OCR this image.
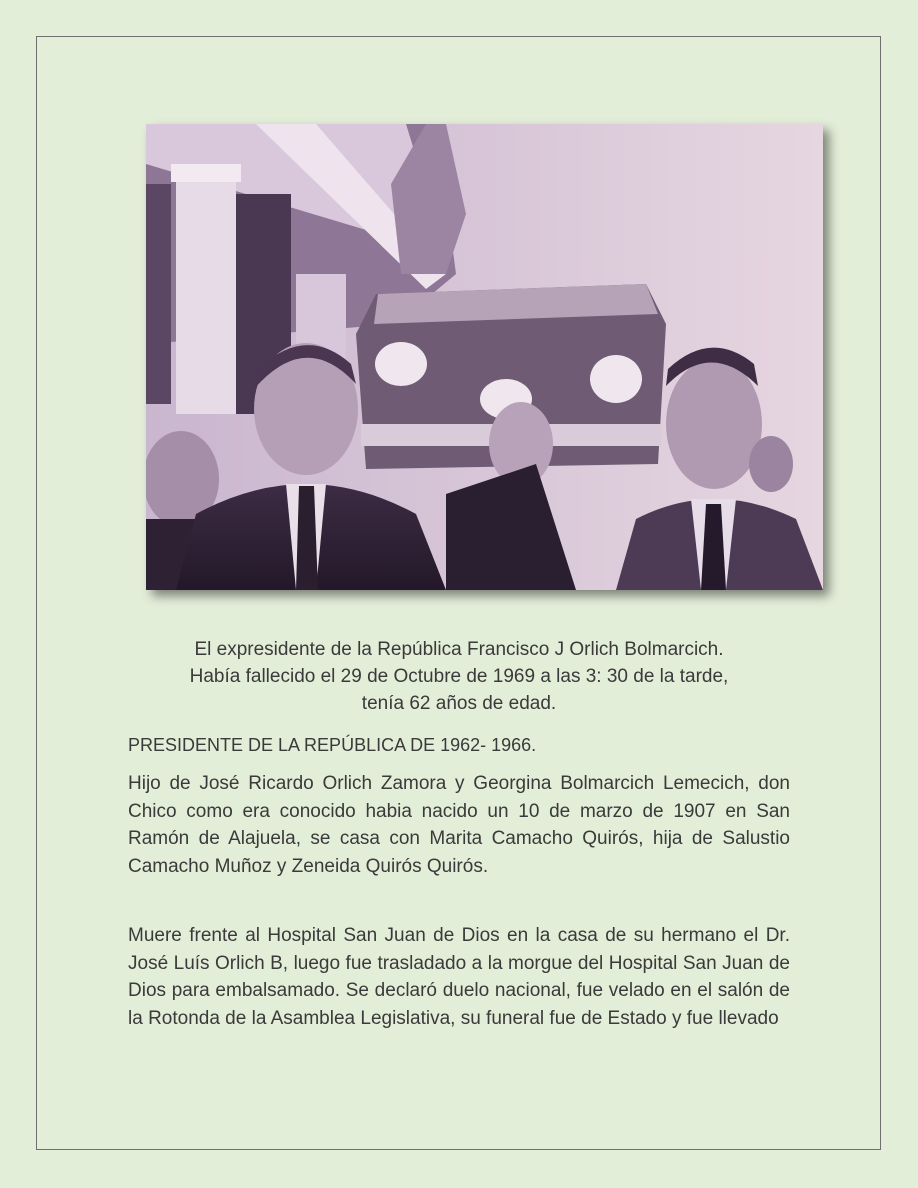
El expresidente de la República Francisco J Orlich Bolmarcich.

Había fallecido el 29 de Octubre de 1969 a las 3: 30 de la tarde,

tenía 62 años de edad.

PRESIDENTE DE LA REPÚBLICA DE 1962- 1966.

Hijo de José Ricardo Orlich Zamora y Georgina Bolmarcich Lemecich, don Chico como era conocido habia nacido un 10 de marzo de 1907 en San Ramón de Alajuela, se casa con Marita Camacho Quirós, hija de Salustio Camacho Muñoz y Zeneida Quirós Quirós.

Muere frente al Hospital San Juan de Dios en la casa de su hermano el Dr. José Luís Orlich B, luego fue trasladado a la morgue del Hospital San Juan de Dios para embalsamado. Se declaró duelo nacional, fue velado en el salón de la Rotonda de la Asamblea Legislativa, su funeral fue de Estado y fue llevado
